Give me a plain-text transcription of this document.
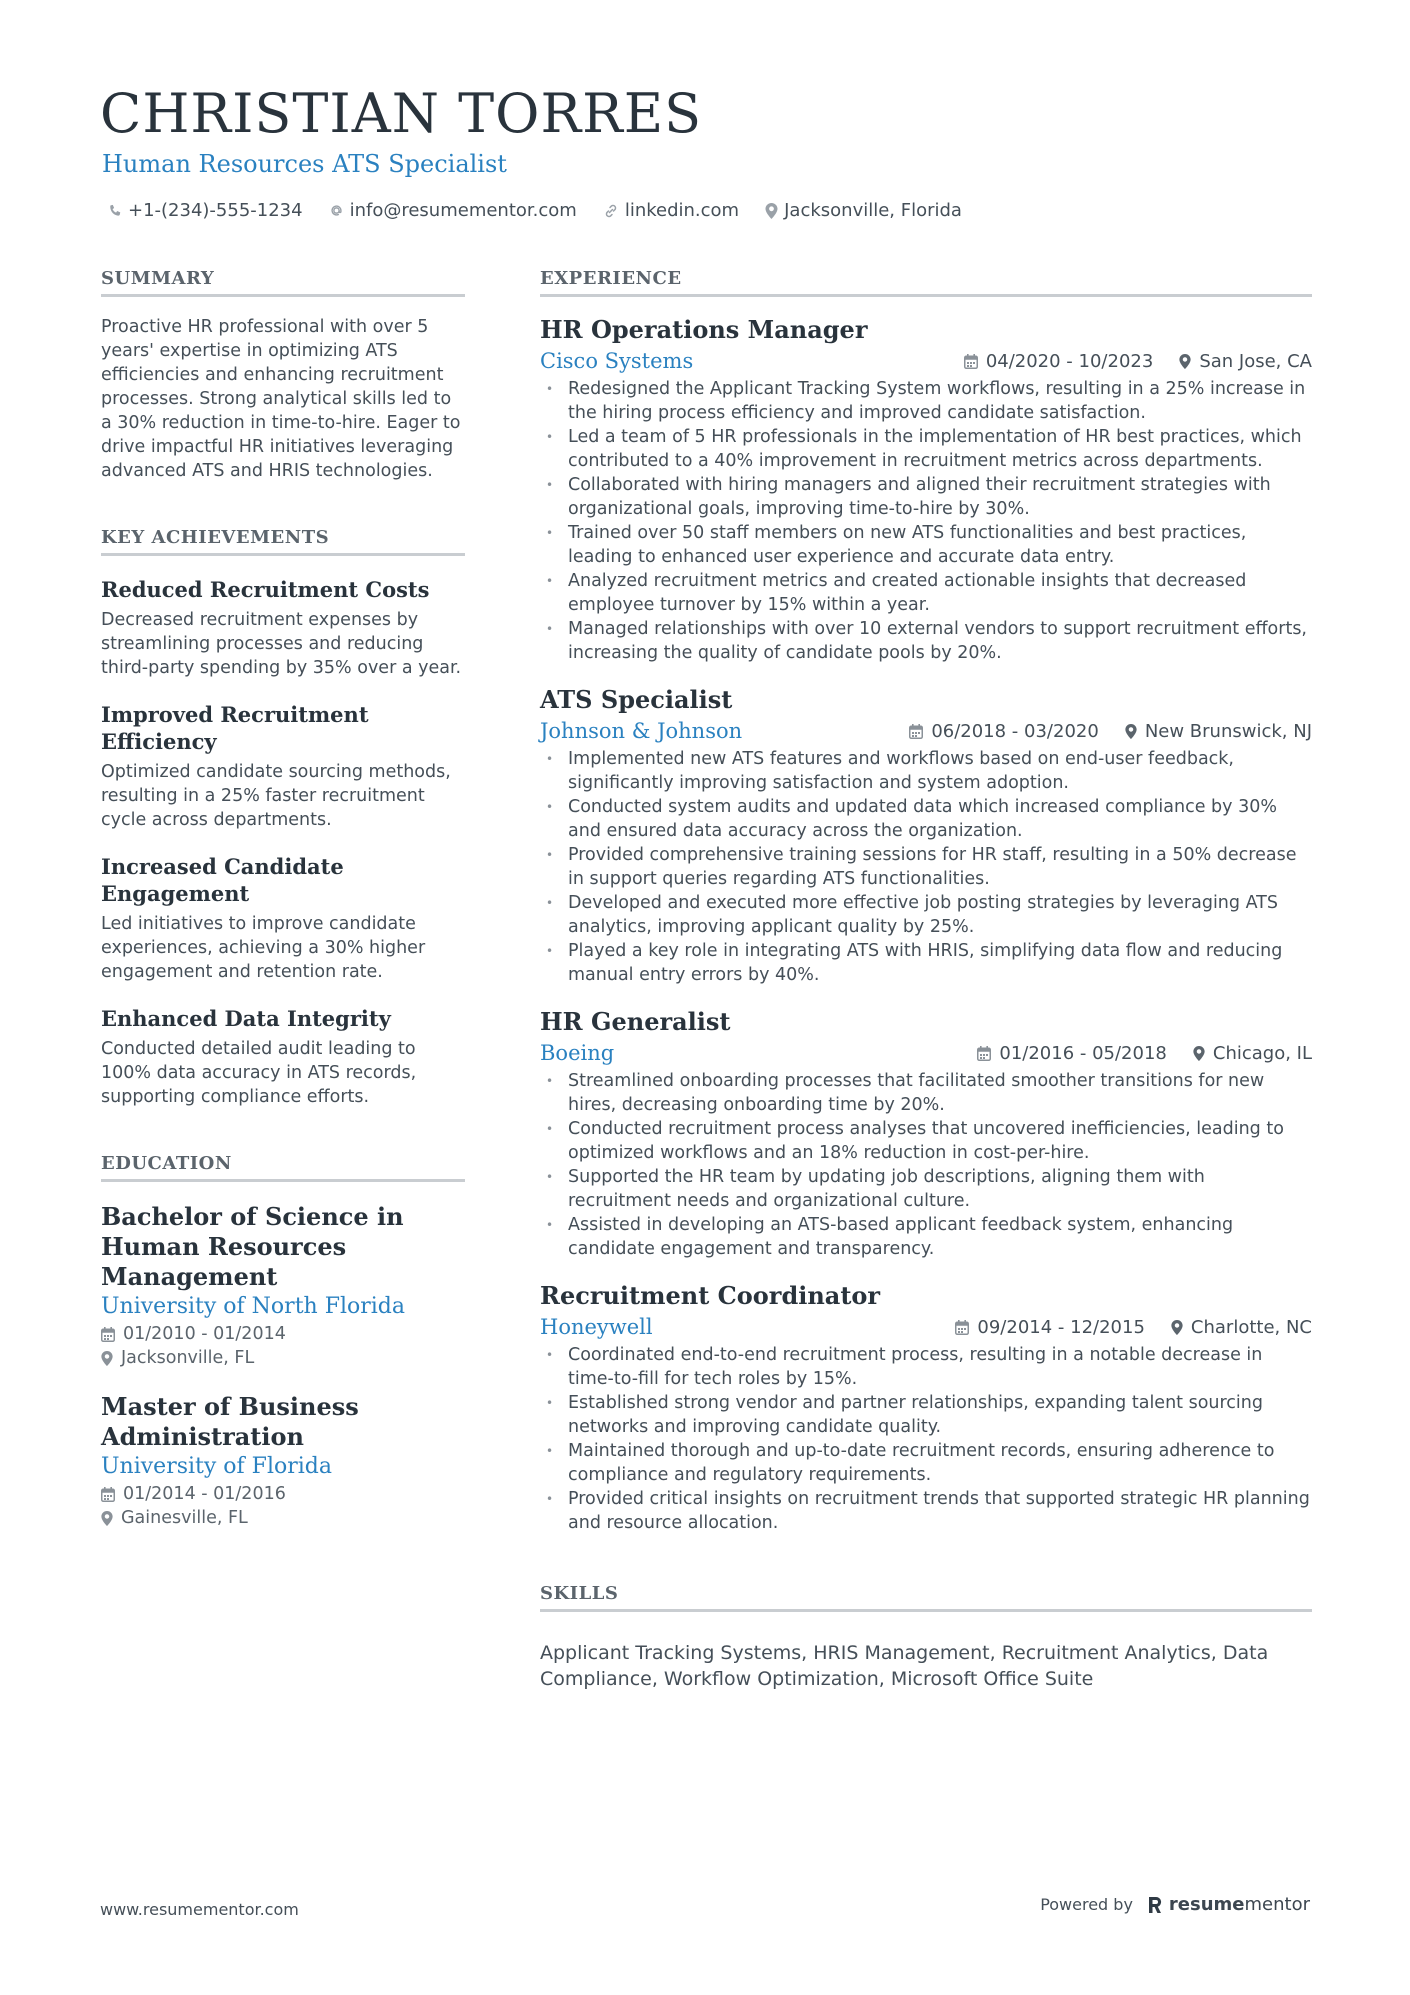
CHRISTIAN TORRES
Human Resources ATS Specialist
+1-(234)-555-1234	info@resumementor.com	linkedin.com	Jacksonville, Florida
SUMMARY

Proactive HR professional with over 5 years' expertise in optimizing ATS efficiencies and enhancing recruitment processes. Strong analytical skills led to a 30% reduction in time-to-hire. Eager to drive impactful HR initiatives leveraging advanced ATS and HRIS technologies.

KEY ACHIEVEMENTS
Reduced Recruitment Costs

Decreased recruitment expenses by streamlining processes and reducing third-party spending by 35% over a year.

Improved Recruitment Efficiency

Optimized candidate sourcing methods, resulting in a 25% faster recruitment cycle across departments.

Increased Candidate Engagement

Led initiatives to improve candidate experiences, achieving a 30% higher engagement and retention rate.

Enhanced Data Integrity

Conducted detailed audit leading to 100% data accuracy in ATS records, supporting compliance efforts.

EDUCATION
Bachelor of Science in Human Resources Management
University of North Florida
01/2010 - 01/2014
Jacksonville, FL
Master of Business Administration
University of Florida
01/2014 - 01/2016
Gainesville, FL
EXPERIENCE
HR Operations Manager
Cisco Systems	04/2020 - 10/2023	San Jose, CA
• Redesigned the Applicant Tracking System workflows, resulting in a 25% increase in the hiring process efficiency and improved candidate satisfaction.
• Led a team of 5 HR professionals in the implementation of HR best practices, which contributed to a 40% improvement in recruitment metrics across departments.
• Collaborated with hiring managers and aligned their recruitment strategies with organizational goals, improving time-to-hire by 30%.
• Trained over 50 staff members on new ATS functionalities and best practices, leading to enhanced user experience and accurate data entry.
• Analyzed recruitment metrics and created actionable insights that decreased employee turnover by 15% within a year.
• Managed relationships with over 10 external vendors to support recruitment efforts, increasing the quality of candidate pools by 20%.
ATS Specialist
Johnson & Johnson	06/2018 - 03/2020	New Brunswick, NJ
• Implemented new ATS features and workflows based on end-user feedback, significantly improving satisfaction and system adoption.
• Conducted system audits and updated data which increased compliance by 30% and ensured data accuracy across the organization.
• Provided comprehensive training sessions for HR staff, resulting in a 50% decrease in support queries regarding ATS functionalities.
• Developed and executed more effective job posting strategies by leveraging ATS analytics, improving applicant quality by 25%.
• Played a key role in integrating ATS with HRIS, simplifying data flow and reducing manual entry errors by 40%.
HR Generalist
Boeing	01/2016 - 05/2018	Chicago, IL
• Streamlined onboarding processes that facilitated smoother transitions for new hires, decreasing onboarding time by 20%.
• Conducted recruitment process analyses that uncovered inefficiencies, leading to optimized workflows and an 18% reduction in cost-per-hire.
• Supported the HR team by updating job descriptions, aligning them with recruitment needs and organizational culture.
• Assisted in developing an ATS-based applicant feedback system, enhancing candidate engagement and transparency.
Recruitment Coordinator
Honeywell	09/2014 - 12/2015	Charlotte, NC
• Coordinated end-to-end recruitment process, resulting in a notable decrease in time-to-fill for tech roles by 15%.
• Established strong vendor and partner relationships, expanding talent sourcing networks and improving candidate quality.
• Maintained thorough and up-to-date recruitment records, ensuring adherence to compliance and regulatory requirements.
• Provided critical insights on recruitment trends that supported strategic HR planning and resource allocation.
SKILLS

Applicant Tracking Systems, HRIS Management, Recruitment Analytics, Data Compliance, Workflow Optimization, Microsoft Office Suite

www.resumementor.com	Powered by resumementor
